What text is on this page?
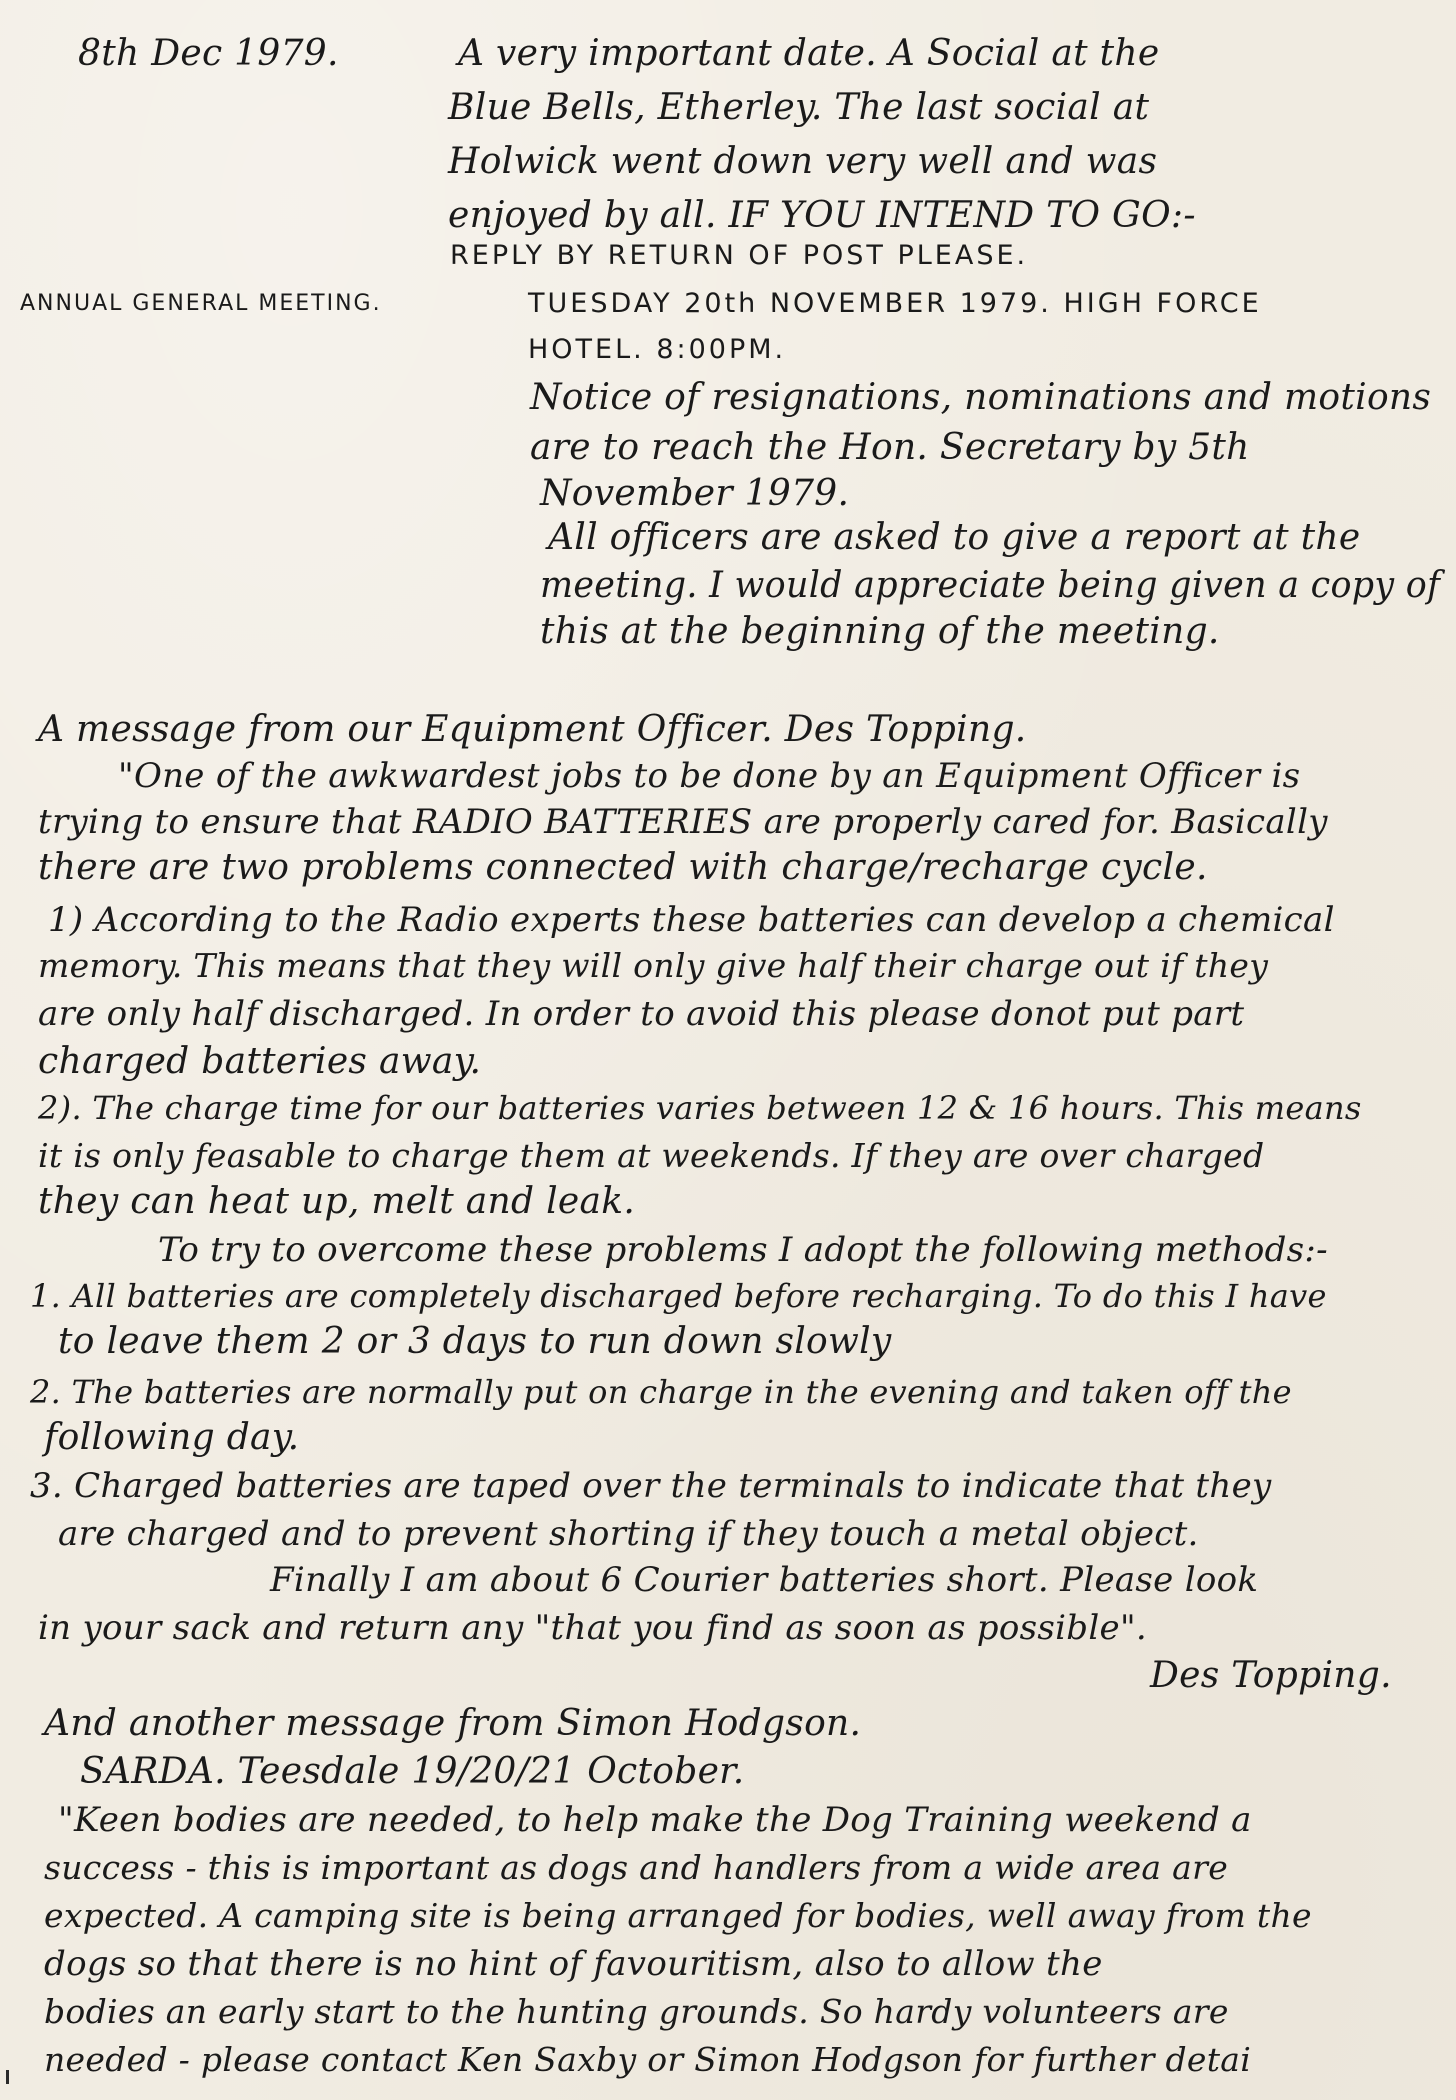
8th Dec 1979.	A very important date. A Social at the
Blue Bells, Etherley. The last social at
Holwick went down very well and was
enjoyed by all. IF YOU INTEND TO GO:-
REPLY BY RETURN OF POST PLEASE.
ANNUAL GENERAL MEETING.	TUESDAY 20th NOVEMBER 1979. HIGH FORCE
HOTEL. 8:00PM.
Notice of resignations, nominations and motions
are to reach the Hon. Secretary by 5th
November 1979.
All officers are asked to give a report at the
meeting. I would appreciate being given a copy of
this at the beginning of the meeting.
A message from our Equipment Officer. Des Topping.
"One of the awkwardest jobs to be done by an Equipment Officer is
trying to ensure that RADIO BATTERIES are properly cared for. Basically
there are two problems connected with charge/recharge cycle.
1) According to the Radio experts these batteries can develop a chemical
memory. This means that they will only give half their charge out if they
are only half discharged. In order to avoid this please donot put part
charged batteries away.
2). The charge time for our batteries varies between 12 & 16 hours. This means
it is only feasable to charge them at weekends. If they are over charged
they can heat up, melt and leak.
To try to overcome these problems I adopt the following methods:-
1. All batteries are completely discharged before recharging. To do this I have
to leave them 2 or 3 days to run down slowly
2. The batteries are normally put on charge in the evening and taken off the
following day.
3. Charged batteries are taped over the terminals to indicate that they
are charged and to prevent shorting if they touch a metal object.
Finally I am about 6 Courier batteries short. Please look
in your sack and return any "that you find as soon as possible".
Des Topping.
And another message from Simon Hodgson.
SARDA. Teesdale 19/20/21 October.
"Keen bodies are needed, to help make the Dog Training weekend a
success - this is important as dogs and handlers from a wide area are
expected. A camping site is being arranged for bodies, well away from the
dogs so that there is no hint of favouritism, also to allow the
bodies an early start to the hunting grounds. So hardy volunteers are
needed - please contact Ken Saxby or Simon Hodgson for further detai
